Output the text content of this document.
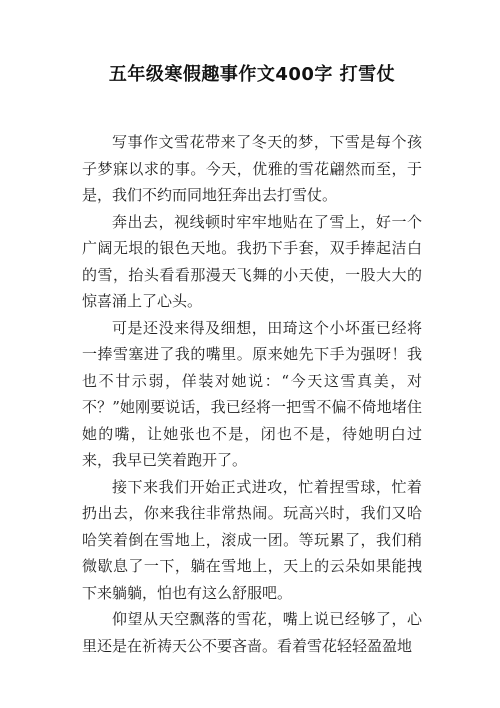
五年级寒假趣事作文400字 打雪仗

写事作文雪花带来了冬天的梦，下雪是每个孩子梦寐以求的事。今天，优雅的雪花翩然而至，于是，我们不约而同地狂奔出去打雪仗。

奔出去，视线顿时牢牢地贴在了雪上，好一个广阔无垠的银色天地。我扔下手套，双手捧起洁白的雪，抬头看看那漫天飞舞的小天使，一股大大的惊喜涌上了心头。

可是还没来得及细想，田琦这个小坏蛋已经将一捧雪塞进了我的嘴里。原来她先下手为强呀！我也不甘示弱，佯装对她说：“今天这雪真美，对不？”她刚要说话，我已经将一把雪不偏不倚地堵住她的嘴，让她张也不是，闭也不是，待她明白过来，我早已笑着跑开了。

接下来我们开始正式进攻，忙着捏雪球，忙着扔出去，你来我往非常热闹。玩高兴时，我们又哈哈笑着倒在雪地上，滚成一团。等玩累了，我们稍微歇息了一下，躺在雪地上，天上的云朵如果能拽下来躺躺，怕也有这么舒服吧。

仰望从天空飘落的雪花，嘴上说已经够了，心里还是在祈祷天公不要吝啬。看着雪花轻轻盈盈地
